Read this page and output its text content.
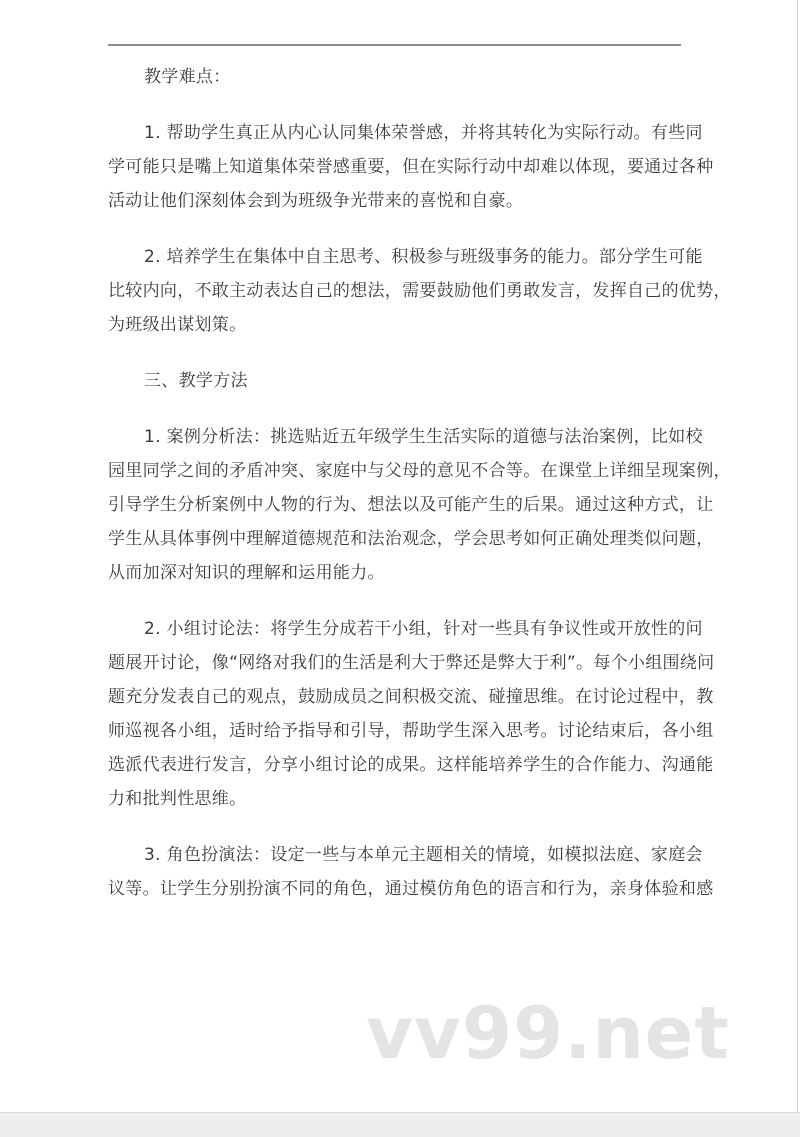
教学难点：
1. 帮助学生真正从内心认同集体荣誉感，并将其转化为实际行动。有些同
学可能只是嘴上知道集体荣誉感重要，但在实际行动中却难以体现，要通过各种
活动让他们深刻体会到为班级争光带来的喜悦和自豪。
2. 培养学生在集体中自主思考、积极参与班级事务的能力。部分学生可能
比较内向，不敢主动表达自己的想法，需要鼓励他们勇敢发言，发挥自己的优势，
为班级出谋划策。
三、教学方法
1. 案例分析法：挑选贴近五年级学生生活实际的道德与法治案例，比如校
园里同学之间的矛盾冲突、家庭中与父母的意见不合等。在课堂上详细呈现案例，
引导学生分析案例中人物的行为、想法以及可能产生的后果。通过这种方式，让
学生从具体事例中理解道德规范和法治观念，学会思考如何正确处理类似问题，
从而加深对知识的理解和运用能力。
2. 小组讨论法：将学生分成若干小组，针对一些具有争议性或开放性的问
题展开讨论，像“网络对我们的生活是利大于弊还是弊大于利”。每个小组围绕问
题充分发表自己的观点，鼓励成员之间积极交流、碰撞思维。在讨论过程中，教
师巡视各小组，适时给予指导和引导，帮助学生深入思考。讨论结束后，各小组
选派代表进行发言，分享小组讨论的成果。这样能培养学生的合作能力、沟通能
力和批判性思维。
3. 角色扮演法：设定一些与本单元主题相关的情境，如模拟法庭、家庭会
议等。让学生分别扮演不同的角色，通过模仿角色的语言和行为，亲身体验和感
vv99.net
